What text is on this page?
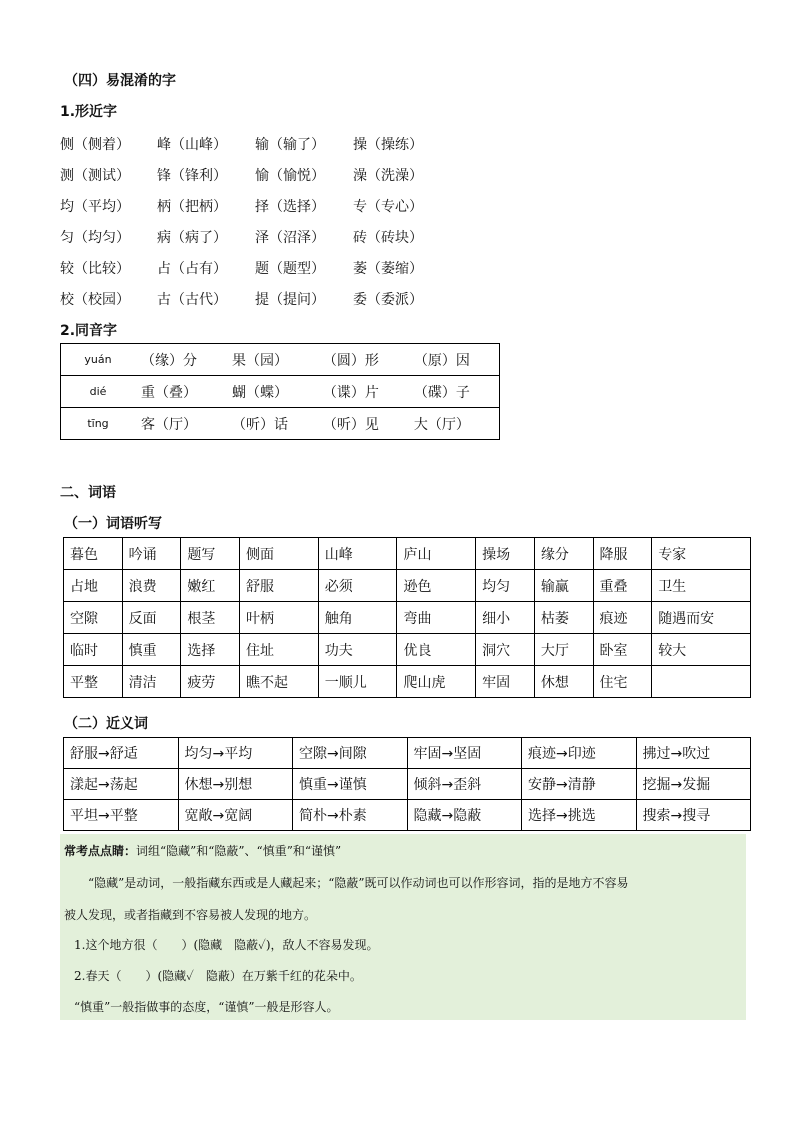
（四）易混淆的字
1.形近字
侧（侧着）	峰（山峰）	输（输了）	操（操练）
测（测试）	锋（锋利）	愉（愉悦）	澡（洗澡）
均（平均）	柄（把柄）	择（选择）	专（专心）
匀（均匀）	病（病了）	泽（沼泽）	砖（砖块）
较（比较）	占（占有）	题（题型）	萎（萎缩）
校（校园）	古（古代）	提（提问）	委（委派）
2.同音字
yuán	（缘）分	果（园）	（圆）形	（原）因
dié	重（叠）	蝴（蝶）	（谍）片	（碟）子
tīng	客（厅）	（听）话	（听）见	大（厅）
二、词语
（一）词语听写
暮色	吟诵	题写	侧面	山峰	庐山	操场	缘分	降服	专家
占地	浪费	嫩红	舒服	必须	逊色	均匀	输赢	重叠	卫生
空隙	反面	根茎	叶柄	触角	弯曲	细小	枯萎	痕迹	随遇而安
临时	慎重	选择	住址	功夫	优良	洞穴	大厅	卧室	较大
平整	清洁	疲劳	瞧不起	一顺儿	爬山虎	牢固	休想	住宅	
（二）近义词
舒服→舒适	均匀→平均	空隙→间隙	牢固→坚固	痕迹→印迹	拂过→吹过
漾起→荡起	休想→别想	慎重→谨慎	倾斜→歪斜	安静→清静	挖掘→发掘
平坦→平整	宽敞→宽阔	简朴→朴素	隐藏→隐蔽	选择→挑选	搜索→搜寻
常考点点睛：词组“隐藏”和“隐蔽”、“慎重”和“谨慎”
“隐藏”是动词，一般指藏东西或是人藏起来；“隐蔽”既可以作动词也可以作形容词，指的是地方不容易
被人发现，或者指藏到不容易被人发现的地方。
1.这个地方很（　　）(隐藏　隐蔽✓)，敌人不容易发现。
2.春天（　　）(隐藏✓　隐蔽）在万紫千红的花朵中。
“慎重”一般指做事的态度，“谨慎”一般是形容人。
